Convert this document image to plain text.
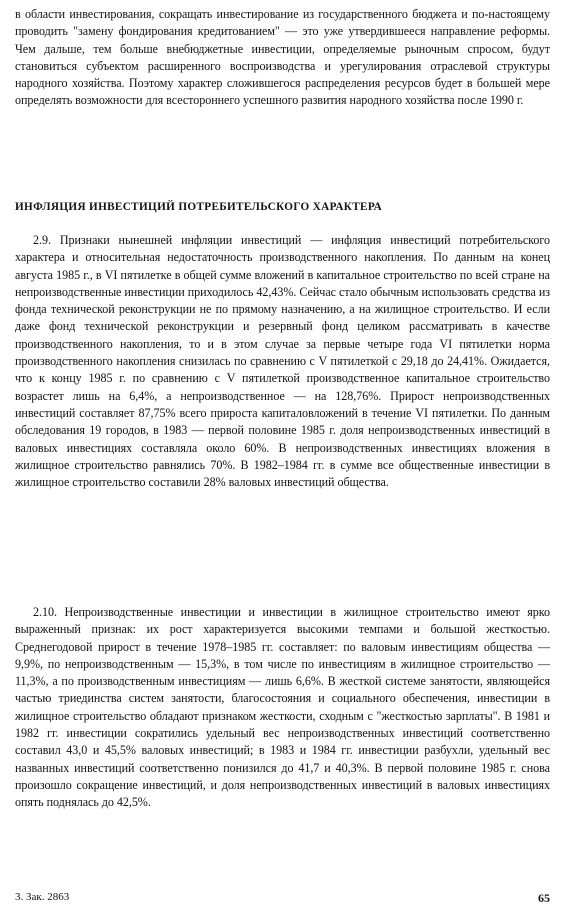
в области инвестирования, сокращать инвестирование из государственного бюджета и по-настоящему проводить "замену фондирования кредитованием" — это уже утвердившееся направление реформы. Чем дальше, тем больше внебюджетные инвестиции, определяемые рыночным спросом, будут становиться субъектом расширенного воспроизводства и урегулирования отраслевой структуры народного хозяйства. Поэтому характер сложившегося распределения ресурсов будет в большей мере определять возможности для всестороннего успешного развития народного хозяйства после 1990 г.

ИНФЛЯЦИЯ ИНВЕСТИЦИЙ ПОТРЕБИТЕЛЬСКОГО ХАРАКТЕРА

2.9. Признаки нынешней инфляции инвестиций — инфляция инвестиций потребительского характера и относительная недостаточность производственного накопления. По данным на конец августа 1985 г., в VI пятилетке в общей сумме вложений в капитальное строительство по всей стране на непроизводственные инвестиции приходилось 42,43%. Сейчас стало обычным использовать средства из фонда технической реконструкции не по прямому назначению, а на жилищное строительство. И если даже фонд технической реконструкции и резервный фонд целиком рассматривать в качестве производственного накопления, то и в этом случае за первые четыре года VI пятилетки норма производственного накопления снизилась по сравнению с V пятилеткой с 29,18 до 24,41%. Ожидается, что к концу 1985 г. по сравнению с V пятилеткой производственное капитальное строительство возрастет лишь на 6,4%, а непроизводственное — на 128,76%. Прирост непроизводственных инвестиций составляет 87,75% всего прироста капиталовложений в течение VI пятилетки. По данным обследования 19 городов, в 1983 — первой половине 1985 г. доля непроизводственных инвестиций в валовых инвестициях составляла около 60%. В непроизводственных инвестициях вложения в жилищное строительство равнялись 70%. В 1982–1984 гг. в сумме все общественные инвестиции в жилищное строительство составили 28% валовых инвестиций общества.

2.10. Непроизводственные инвестиции и инвестиции в жилищное строительство имеют ярко выраженный признак: их рост характеризуется высокими темпами и большой жесткостью. Среднегодовой прирост в течение 1978–1985 гг. составляет: по валовым инвестициям общества — 9,9%, по непроизводственным — 15,3%, в том числе по инвестициям в жилищное строительство — 11,3%, а по производственным инвестициям — лишь 6,6%. В жесткой системе занятости, являющейся частью триединства систем занятости, благосостояния и социального обеспечения, инвестиции в жилищное строительство обладают признаком жесткости, сходным с "жесткостью зарплаты". В 1981 и 1982 гг. инвестиции сократились удельный вес непроизводственных инвестиций соответственно составил 43,0 и 45,5% валовых инвестиций; в 1983 и 1984 гг. инвестиции разбухли, удельный вес названных инвестиций соответственно понизился до 41,7 и 40,3%. В первой половине 1985 г. снова произошло сокращение инвестиций, и доля непроизводственных инвестиций в валовых инвестициях опять поднялась до 42,5%.

3. Зак. 2863	65
